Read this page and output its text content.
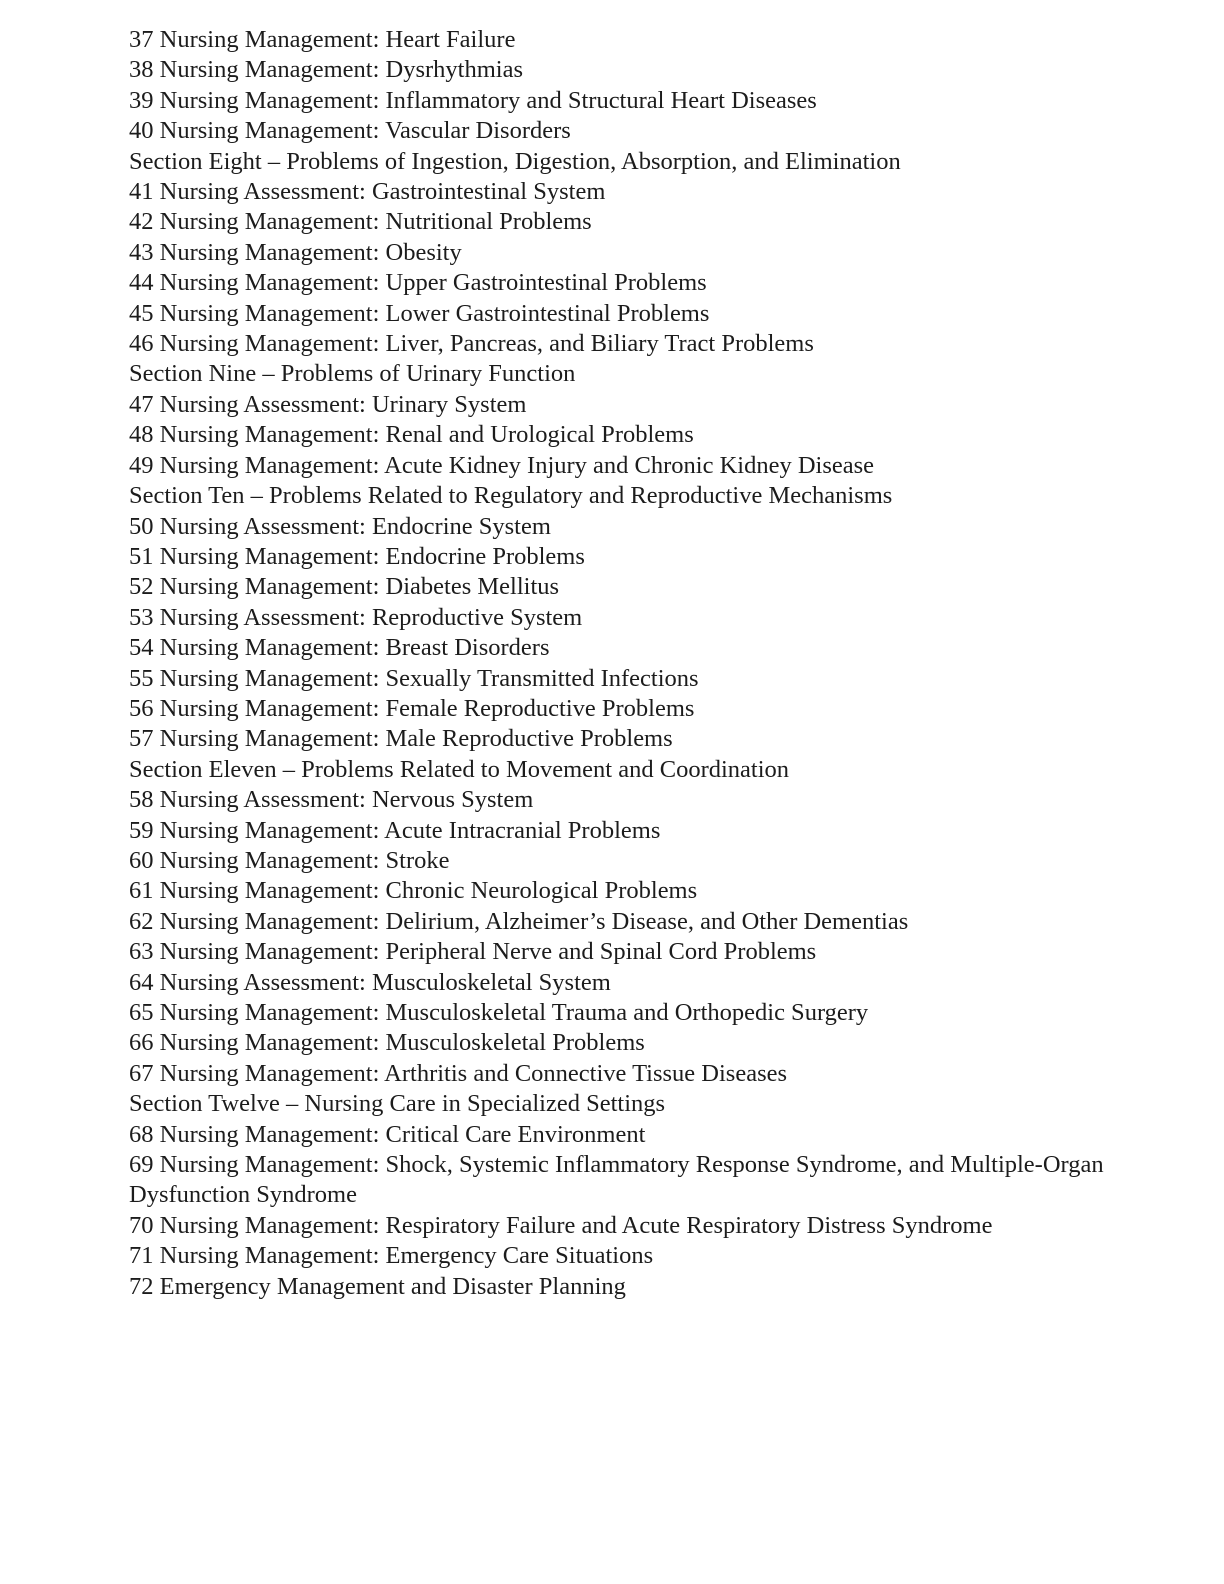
37 Nursing Management: Heart Failure
38 Nursing Management: Dysrhythmias
39 Nursing Management: Inflammatory and Structural Heart Diseases
40 Nursing Management: Vascular Disorders
Section Eight – Problems of Ingestion, Digestion, Absorption, and Elimination
41 Nursing Assessment: Gastrointestinal System
42 Nursing Management: Nutritional Problems
43 Nursing Management: Obesity
44 Nursing Management: Upper Gastrointestinal Problems
45 Nursing Management: Lower Gastrointestinal Problems
46 Nursing Management: Liver, Pancreas, and Biliary Tract Problems
Section Nine – Problems of Urinary Function
47 Nursing Assessment: Urinary System
48 Nursing Management: Renal and Urological Problems
49 Nursing Management: Acute Kidney Injury and Chronic Kidney Disease
Section Ten – Problems Related to Regulatory and Reproductive Mechanisms
50 Nursing Assessment: Endocrine System
51 Nursing Management: Endocrine Problems
52 Nursing Management: Diabetes Mellitus
53 Nursing Assessment: Reproductive System
54 Nursing Management: Breast Disorders
55 Nursing Management: Sexually Transmitted Infections
56 Nursing Management: Female Reproductive Problems
57 Nursing Management: Male Reproductive Problems
Section Eleven – Problems Related to Movement and Coordination
58 Nursing Assessment: Nervous System
59 Nursing Management: Acute Intracranial Problems
60 Nursing Management: Stroke
61 Nursing Management: Chronic Neurological Problems
62 Nursing Management: Delirium, Alzheimer’s Disease, and Other Dementias
63 Nursing Management: Peripheral Nerve and Spinal Cord Problems
64 Nursing Assessment: Musculoskeletal System
65 Nursing Management: Musculoskeletal Trauma and Orthopedic Surgery
66 Nursing Management: Musculoskeletal Problems
67 Nursing Management: Arthritis and Connective Tissue Diseases
Section Twelve – Nursing Care in Specialized Settings
68 Nursing Management: Critical Care Environment
69 Nursing Management: Shock, Systemic Inflammatory Response Syndrome, and Multiple-Organ Dysfunction Syndrome
70 Nursing Management: Respiratory Failure and Acute Respiratory Distress Syndrome
71 Nursing Management: Emergency Care Situations
72 Emergency Management and Disaster Planning
